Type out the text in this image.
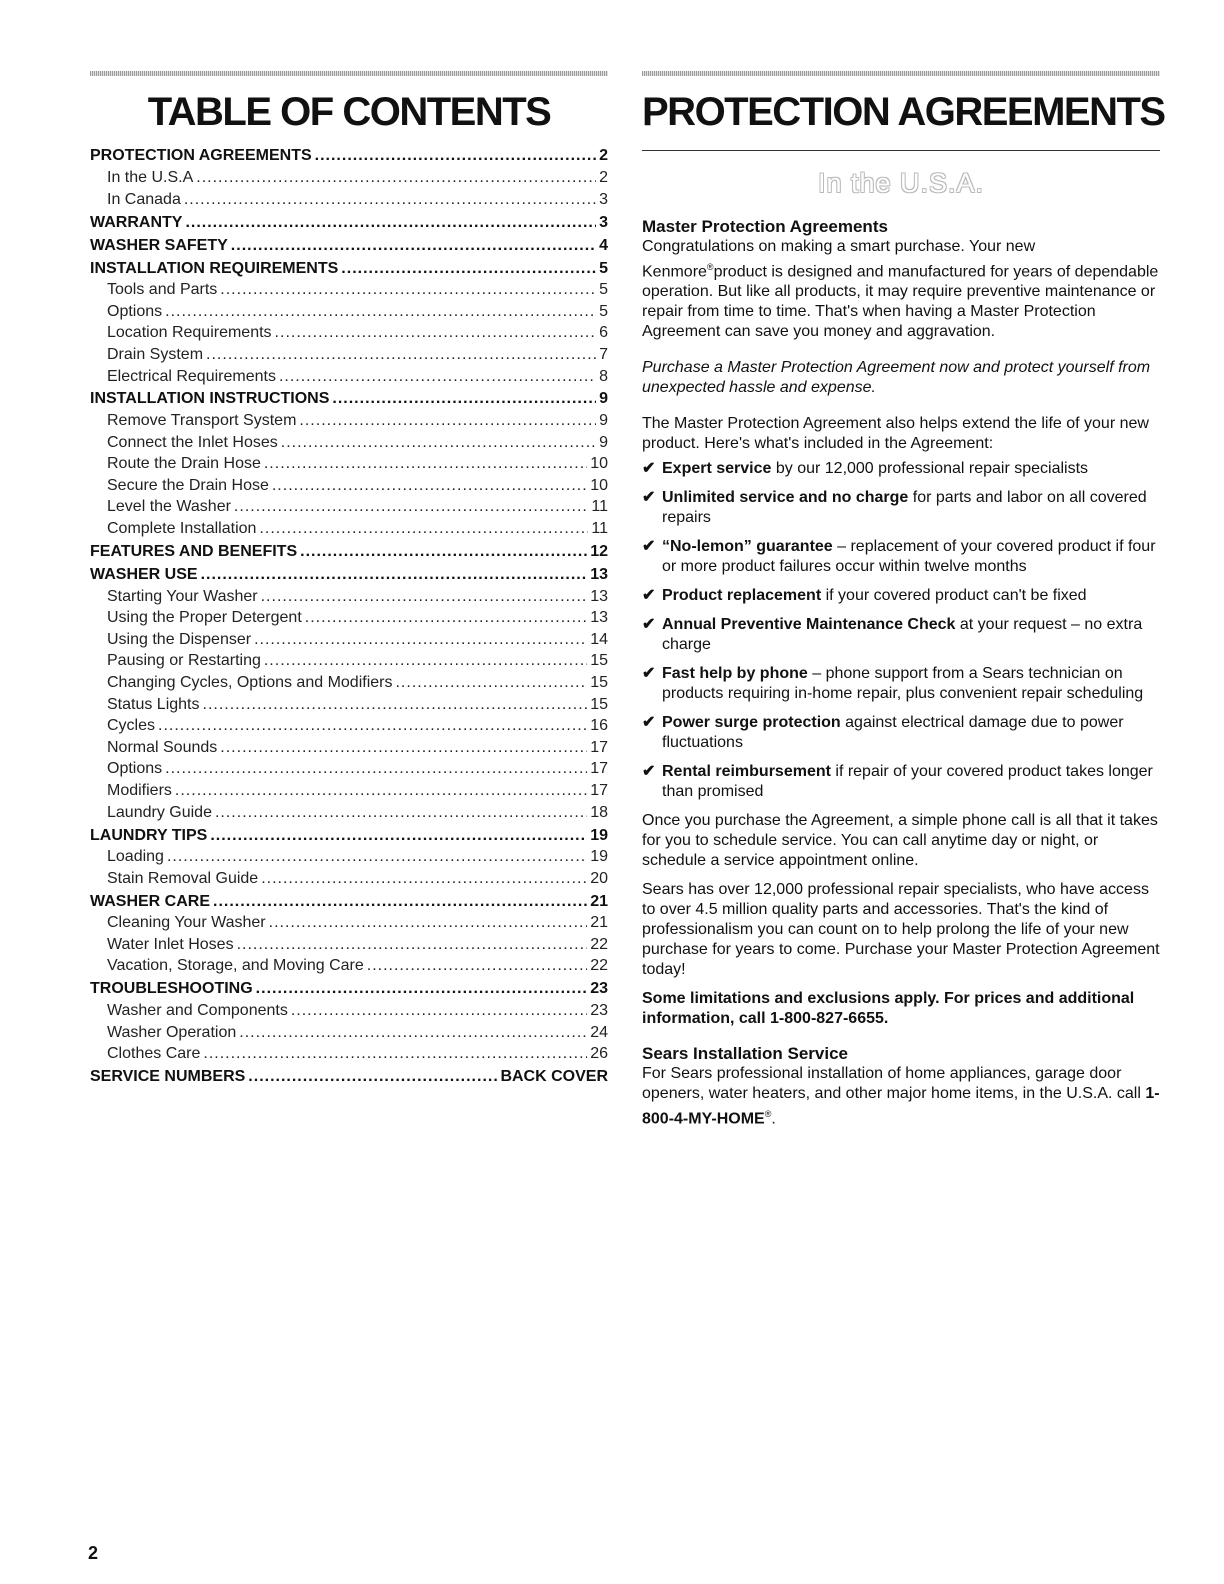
TABLE OF CONTENTS
PROTECTION AGREEMENTS .....	2
In the U.S.A .....	2
In Canada .....	3
WARRANTY .....	3
WASHER SAFETY .....	4
INSTALLATION REQUIREMENTS .....	5
Tools and Parts .....	5
Options .....	5
Location Requirements .....	6
Drain System .....	7
Electrical Requirements .....	8
INSTALLATION INSTRUCTIONS .....	9
Remove Transport System .....	9
Connect the Inlet Hoses .....	9
Route the Drain Hose .....	10
Secure the Drain Hose .....	10
Level the Washer .....	11
Complete Installation .....	11
FEATURES AND BENEFITS .....	12
WASHER USE .....	13
Starting Your Washer .....	13
Using the Proper Detergent .....	13
Using the Dispenser .....	14
Pausing or Restarting .....	15
Changing Cycles, Options and Modifiers .....	15
Status Lights .....	15
Cycles .....	16
Normal Sounds .....	17
Options .....	17
Modifiers .....	17
Laundry Guide .....	18
LAUNDRY TIPS .....	19
Loading .....	19
Stain Removal Guide .....	20
WASHER CARE .....	21
Cleaning Your Washer .....	21
Water Inlet Hoses .....	22
Vacation, Storage, and Moving Care .....	22
TROUBLESHOOTING .....	23
Washer and Components .....	23
Washer Operation .....	24
Clothes Care .....	26
SERVICE NUMBERS .....	BACK COVER
PROTECTION AGREEMENTS
In the U.S.A.
Master Protection Agreements

Congratulations on making a smart purchase. Your new Kenmore®product is designed and manufactured for years of dependable operation. But like all products, it may require preventive maintenance or repair from time to time. That's when having a Master Protection Agreement can save you money and aggravation.

Purchase a Master Protection Agreement now and protect yourself from unexpected hassle and expense.

The Master Protection Agreement also helps extend the life of your new product. Here's what's included in the Agreement:

✔ Expert service by our 12,000 professional repair specialists
✔ Unlimited service and no charge for parts and labor on all covered repairs
✔ “No-lemon” guarantee – replacement of your covered product if four or more product failures occur within twelve months
✔ Product replacement if your covered product can't be fixed
✔ Annual Preventive Maintenance Check at your request – no extra charge
✔ Fast help by phone – phone support from a Sears technician on products requiring in-home repair, plus convenient repair scheduling
✔ Power surge protection against electrical damage due to power fluctuations
✔ Rental reimbursement if repair of your covered product takes longer than promised

Once you purchase the Agreement, a simple phone call is all that it takes for you to schedule service. You can call anytime day or night, or schedule a service appointment online.

Sears has over 12,000 professional repair specialists, who have access to over 4.5 million quality parts and accessories. That's the kind of professionalism you can count on to help prolong the life of your new purchase for years to come. Purchase your Master Protection Agreement today!

Some limitations and exclusions apply. For prices and additional information, call 1-800-827-6655.

Sears Installation Service

For Sears professional installation of home appliances, garage door openers, water heaters, and other major home items, in the U.S.A. call 1-800-4-MY-HOME®.

2
